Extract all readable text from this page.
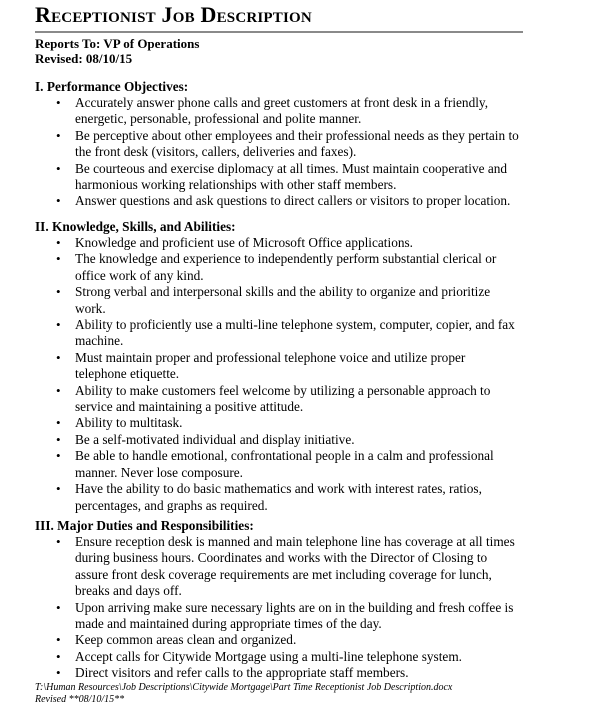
Receptionist Job Description
Reports To: VP of Operations
Revised: 08/10/15
I. Performance Objectives:
• Accurately answer phone calls and greet customers at front desk in a friendly, energetic, personable, professional and polite manner.
• Be perceptive about other employees and their professional needs as they pertain to the front desk (visitors, callers, deliveries and faxes).
• Be courteous and exercise diplomacy at all times. Must maintain cooperative and harmonious working relationships with other staff members.
• Answer questions and ask questions to direct callers or visitors to proper location.
II. Knowledge, Skills, and Abilities:
• Knowledge and proficient use of Microsoft Office applications.
• The knowledge and experience to independently perform substantial clerical or office work of any kind.
• Strong verbal and interpersonal skills and the ability to organize and prioritize work.
• Ability to proficiently use a multi-line telephone system, computer, copier, and fax machine.
• Must maintain proper and professional telephone voice and utilize proper telephone etiquette.
• Ability to make customers feel welcome by utilizing a personable approach to service and maintaining a positive attitude.
• Ability to multitask.
• Be a self-motivated individual and display initiative.
• Be able to handle emotional, confrontational people in a calm and professional manner. Never lose composure.
• Have the ability to do basic mathematics and work with interest rates, ratios, percentages, and graphs as required.
III. Major Duties and Responsibilities:
• Ensure reception desk is manned and main telephone line has coverage at all times during business hours. Coordinates and works with the Director of Closing to assure front desk coverage requirements are met including coverage for lunch, breaks and days off.
• Upon arriving make sure necessary lights are on in the building and fresh coffee is made and maintained during appropriate times of the day.
• Keep common areas clean and organized.
• Accept calls for Citywide Mortgage using a multi-line telephone system.
• Direct visitors and refer calls to the appropriate staff members.
T:\Human Resources\Job Descriptions\Citywide Mortgage\Part Time Receptionist Job Description.docx
Revised **08/10/15**
